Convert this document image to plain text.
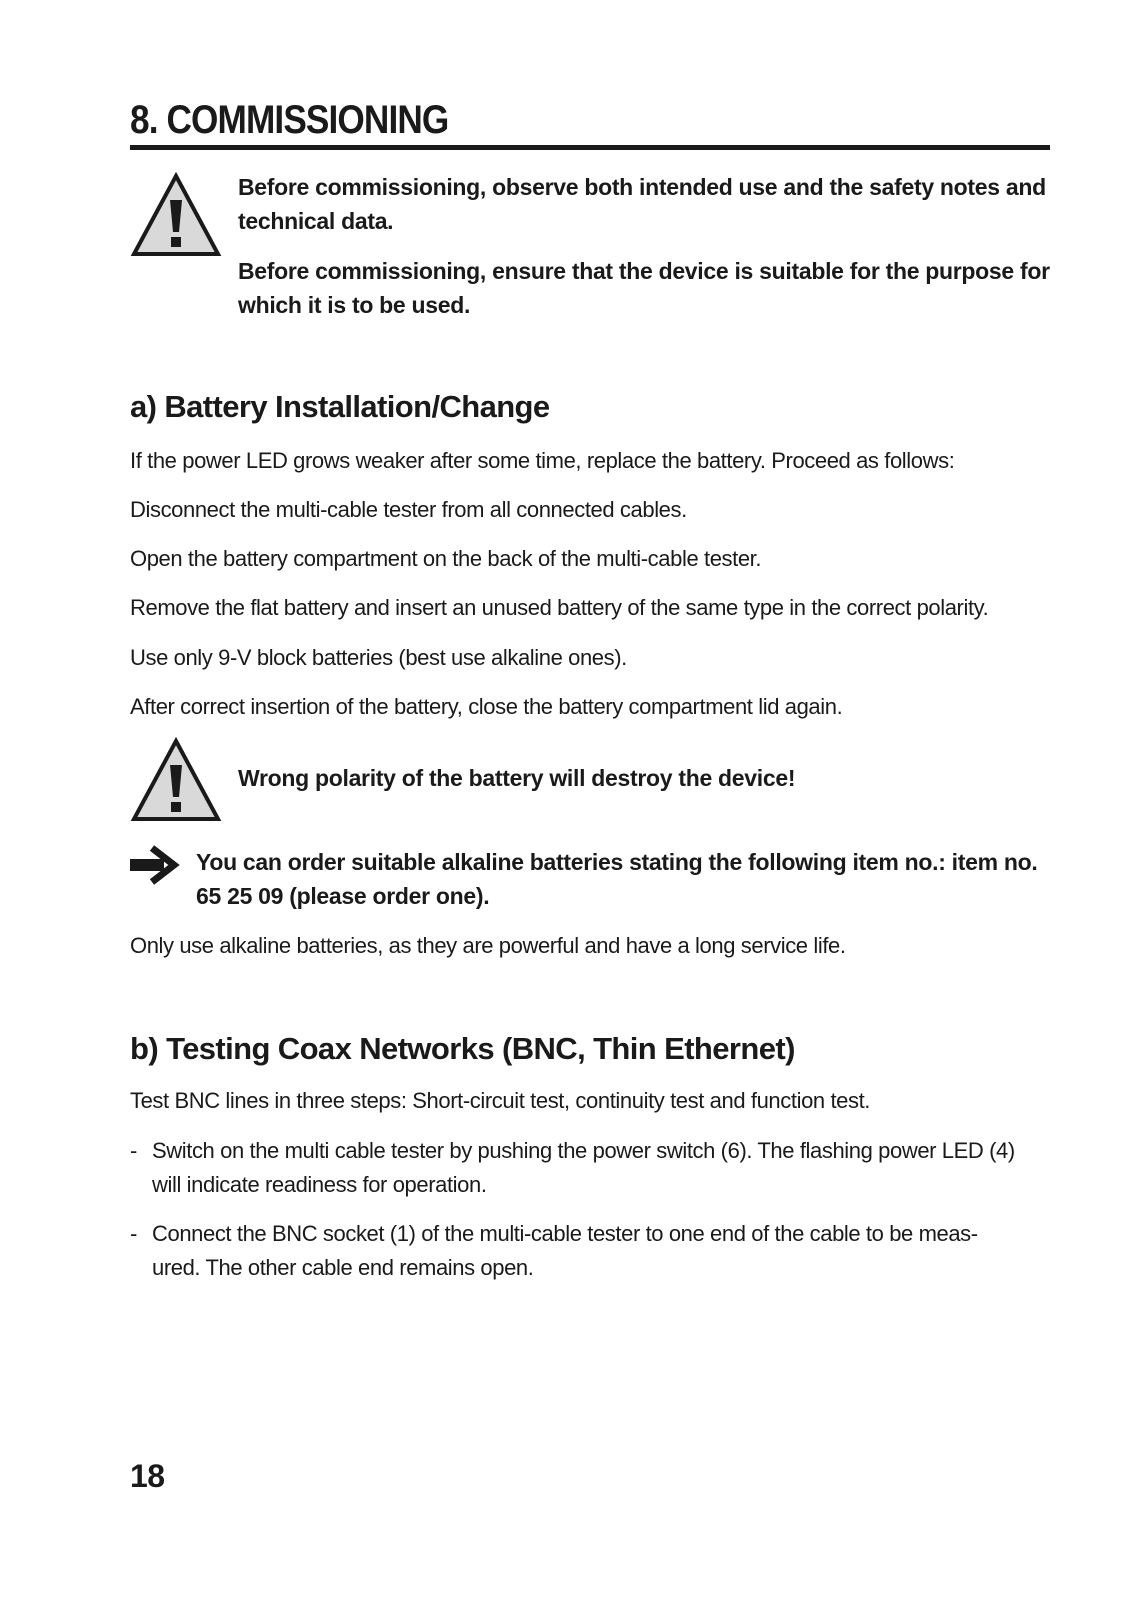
8. COMMISSIONING

Before commissioning, observe both intended use and the safety notes and technical data.

Before commissioning, ensure that the device is suitable for the purpose for which it is to be used.

a) Battery Installation/Change

If the power LED grows weaker after some time, replace the battery. Proceed as follows:

Disconnect the multi-cable tester from all connected cables.

Open the battery compartment on the back of the multi-cable tester.

Remove the flat battery and insert an unused battery of the same type in the correct polarity.

Use only 9-V block batteries (best use alkaline ones).

After correct insertion of the battery, close the battery compartment lid again.

Wrong polarity of the battery will destroy the device!

You can order suitable alkaline batteries stating the following item no.: item no. 65 25 09 (please order one).

Only use alkaline batteries, as they are powerful and have a long service life.

b) Testing Coax Networks (BNC, Thin Ethernet)

Test BNC lines in three steps: Short-circuit test, continuity test and function test.

- Switch on the multi cable tester by pushing the power switch (6). The flashing power LED (4)
will indicate readiness for operation.
- Connect the BNC socket (1) of the multi-cable tester to one end of the cable to be meas-
ured. The other cable end remains open.

18
